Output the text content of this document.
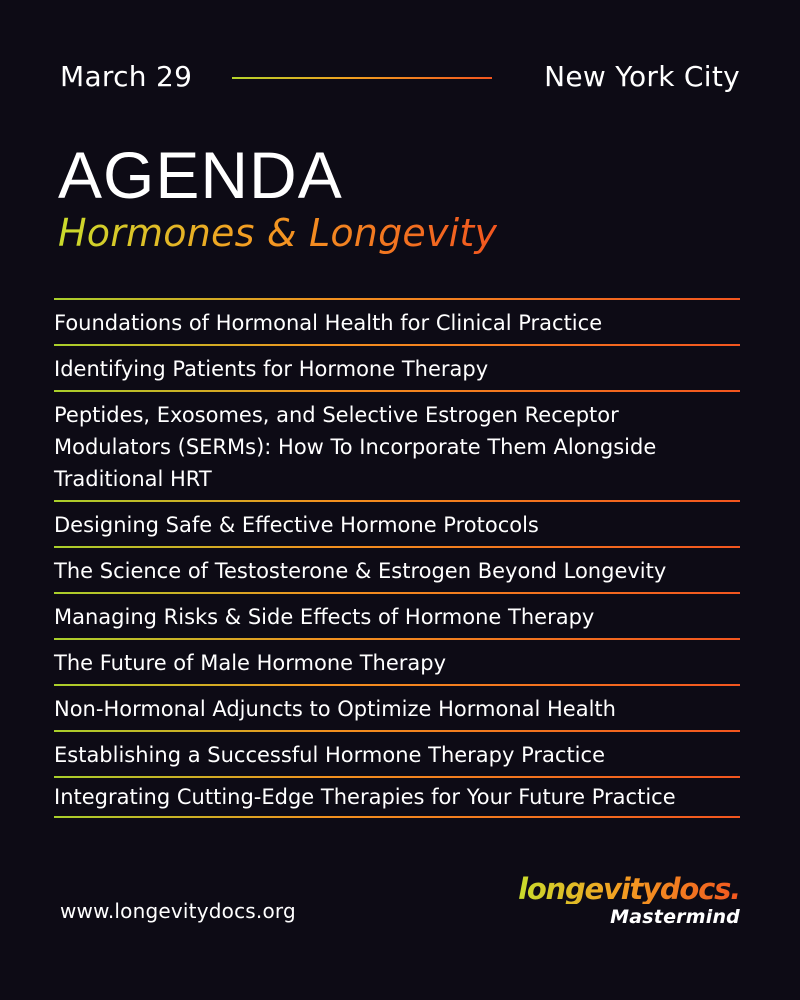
March 29	New York City
AGENDA
Hormones & Longevity
Foundations of Hormonal Health for Clinical Practice
Identifying Patients for Hormone Therapy
Peptides, Exosomes, and Selective Estrogen Receptor Modulators (SERMs): How To Incorporate Them Alongside Traditional HRT
Designing Safe & Effective Hormone Protocols
The Science of Testosterone & Estrogen Beyond Longevity
Managing Risks & Side Effects of Hormone Therapy
The Future of Male Hormone Therapy
Non-Hormonal Adjuncts to Optimize Hormonal Health
Establishing a Successful Hormone Therapy Practice
Integrating Cutting-Edge Therapies for Your Future Practice
www.longevitydocs.org
longevitydocs.
Mastermind
